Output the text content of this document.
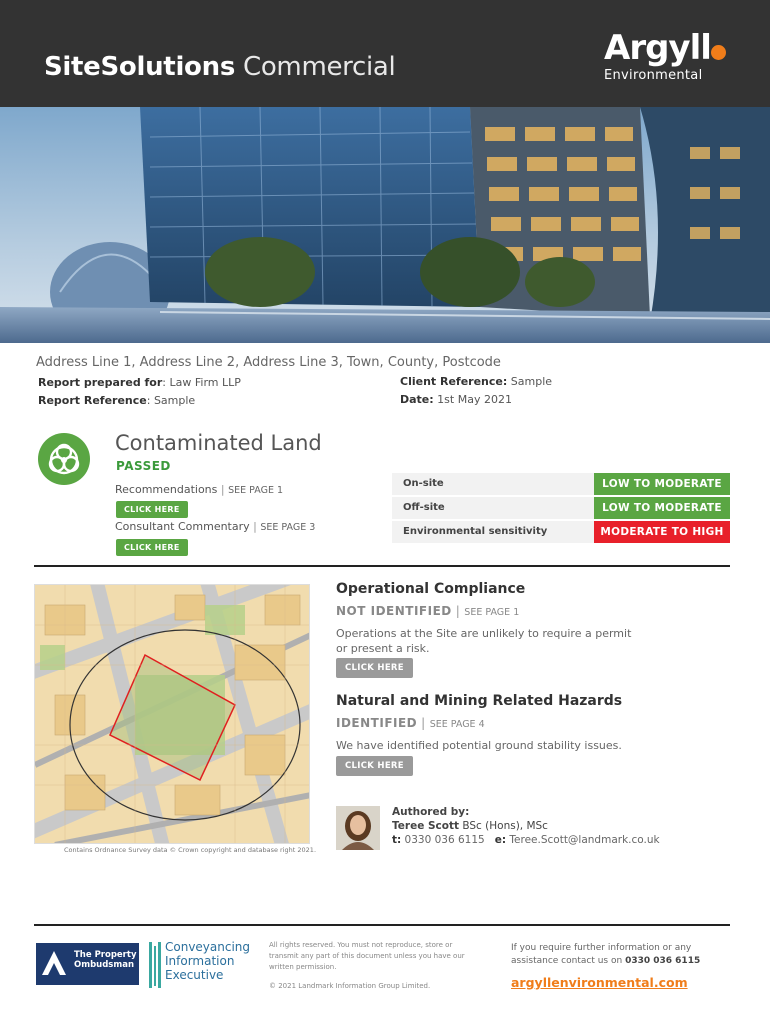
SiteSolutions Commercial	Argyll
Environmental
Address Line 1, Address Line 2, Address Line 3, Town, County, Postcode
Report prepared for: Law Firm LLP
Report Reference: Sample
Client Reference: Sample
Date: 1st May 2021
Contaminated Land
PASSED
Recommendations | SEE PAGE 1
CLICK HERE
Consultant Commentary | SEE PAGE 3
CLICK HERE
On-site	LOW TO MODERATE
Off-site	LOW TO MODERATE
Environmental sensitivity	MODERATE TO HIGH
Contains Ordnance Survey data © Crown copyright and database right 2021.
Operational Compliance
NOT IDENTIFIED | SEE PAGE 1
Operations at the Site are unlikely to require a permit or present a risk.
CLICK HERE
Natural and Mining Related Hazards
IDENTIFIED | SEE PAGE 4
We have identified potential ground stability issues.
CLICK HERE
Authored by:
Teree Scott BSc (Hons), MSc
t: 0330 036 6115 e: Teree.Scott@landmark.co.uk
The Property
Ombudsman
Conveyancing
Information
Executive
All rights reserved. You must not reproduce, store or transmit any part of this document unless you have our written permission.
© 2021 Landmark Information Group Limited.
If you require further information or any assistance contact us on 0330 036 6115
argyllenvironmental.com
